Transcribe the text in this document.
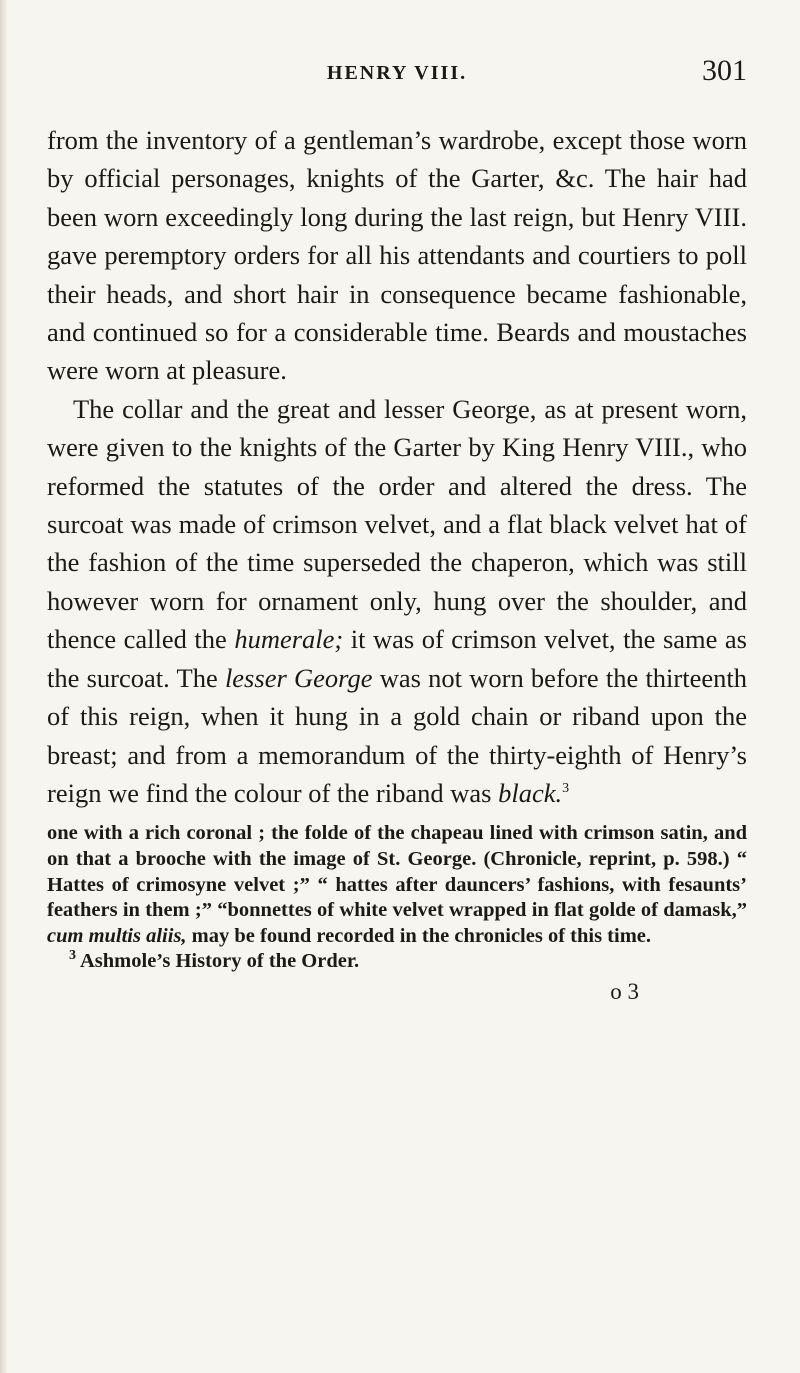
HENRY VIII.	301

from the inventory of a gentleman’s wardrobe, except those worn by official personages, knights of the Garter, &c. The hair had been worn exceedingly long during the last reign, but Henry VIII. gave peremptory orders for all his attendants and courtiers to poll their heads, and short hair in consequence became fashionable, and continued so for a considerable time. Beards and moustaches were worn at pleasure.

The collar and the great and lesser George, as at present worn, were given to the knights of the Garter by King Henry VIII., who reformed the statutes of the order and altered the dress. The surcoat was made of crimson velvet, and a flat black velvet hat of the fashion of the time superseded the chaperon, which was still however worn for ornament only, hung over the shoulder, and thence called the humerale; it was of crimson velvet, the same as the surcoat. The lesser George was not worn before the thirteenth of this reign, when it hung in a gold chain or riband upon the breast; and from a memorandum of the thirty-eighth of Henry’s reign we find the colour of the riband was black.$^3$

one with a rich coronal ; the folde of the chapeau lined with crimson satin, and on that a brooche with the image of St. George. (Chronicle, reprint, p. 598.) “ Hattes of crimosyne velvet ;” “ hattes after dauncers’ fashions, with fesaunts’ feathers in them ;” “bonnettes of white velvet wrapped in flat golde of damask,” cum multis aliis, may be found recorded in the chronicles of this time.

$^3$ Ashmole’s History of the Order.

o 3
